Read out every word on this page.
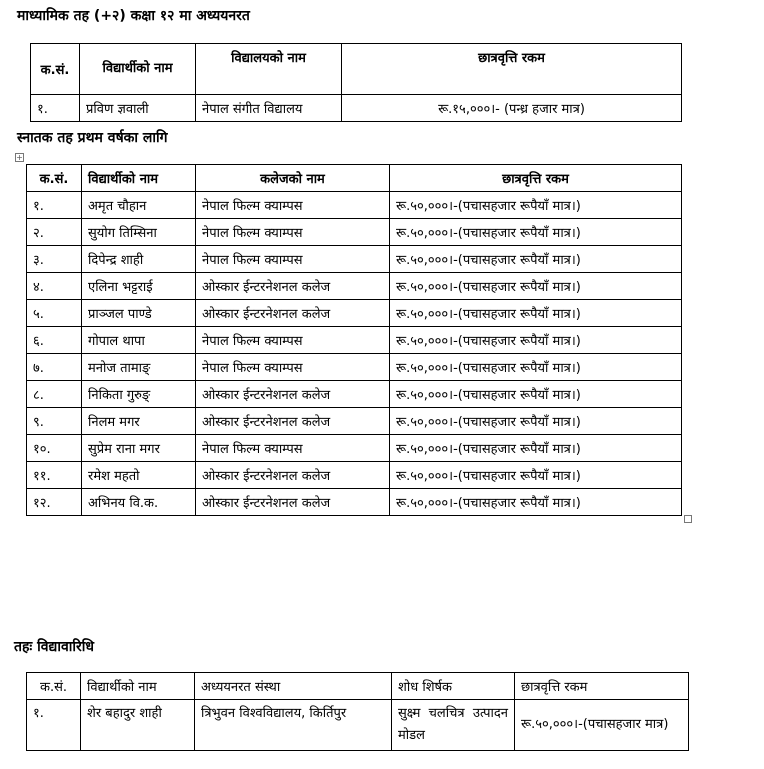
माध्यामिक तह (+२) कक्षा १२ मा अध्ययनरत
क.सं.	विद्यार्थीको नाम	विद्यालयको नाम	छात्रवृत्ति रकम
१.	प्रविण ज्ञवाली	नेपाल संगीत विद्यालय	रू.१५,०००।- (पन्ध्र हजार मात्र)
स्नातक तह प्रथम वर्षका लागि
+
क.सं.	विद्यार्थीको नाम	कलेजको नाम	छात्रवृत्ति रकम
१.	अमृत चौहान	नेपाल फिल्म क्याम्पस	रू.५०,०००।-(पचासहजार रूपैयाँ मात्र।)
२.	सुयोग तिम्सिना	नेपाल फिल्म क्याम्पस	रू.५०,०००।-(पचासहजार रूपैयाँ मात्र।)
३.	दिपेन्द्र शाही	नेपाल फिल्म क्याम्पस	रू.५०,०००।-(पचासहजार रूपैयाँ मात्र।)
४.	एलिना भट्टराई	ओस्कार ईन्टरनेशनल कलेज	रू.५०,०००।-(पचासहजार रूपैयाँ मात्र।)
५.	प्राञ्जल पाण्डे	ओस्कार ईन्टरनेशनल कलेज	रू.५०,०००।-(पचासहजार रूपैयाँ मात्र।)
६.	गोपाल थापा	नेपाल फिल्म क्याम्पस	रू.५०,०००।-(पचासहजार रूपैयाँ मात्र।)
७.	मनोज तामाङ्	नेपाल फिल्म क्याम्पस	रू.५०,०००।-(पचासहजार रूपैयाँ मात्र।)
८.	निकिता गुरुङ्	ओस्कार ईन्टरनेशनल कलेज	रू.५०,०००।-(पचासहजार रूपैयाँ मात्र।)
९.	निलम मगर	ओस्कार ईन्टरनेशनल कलेज	रू.५०,०००।-(पचासहजार रूपैयाँ मात्र।)
१०.	सुप्रेम राना मगर	नेपाल फिल्म क्याम्पस	रू.५०,०००।-(पचासहजार रूपैयाँ मात्र।)
११.	रमेश महतो	ओस्कार ईन्टरनेशनल कलेज	रू.५०,०००।-(पचासहजार रूपैयाँ मात्र।)
१२.	अभिनय वि.क.	ओस्कार ईन्टरनेशनल कलेज	रू.५०,०००।-(पचासहजार रूपैयाँ मात्र।)
तहः विद्यावारिधि
क.सं.	विद्यार्थीको नाम	अध्ययनरत संस्था	शोध शिर्षक	छात्रवृत्ति रकम
१.	शेर बहादुर शाही	त्रिभुवन विश्वविद्यालय, किर्तिपुर	सुक्ष्म चलचित्र उत्पादन मोडल	रू.५०,०००।-(पचासहजार मात्र)
